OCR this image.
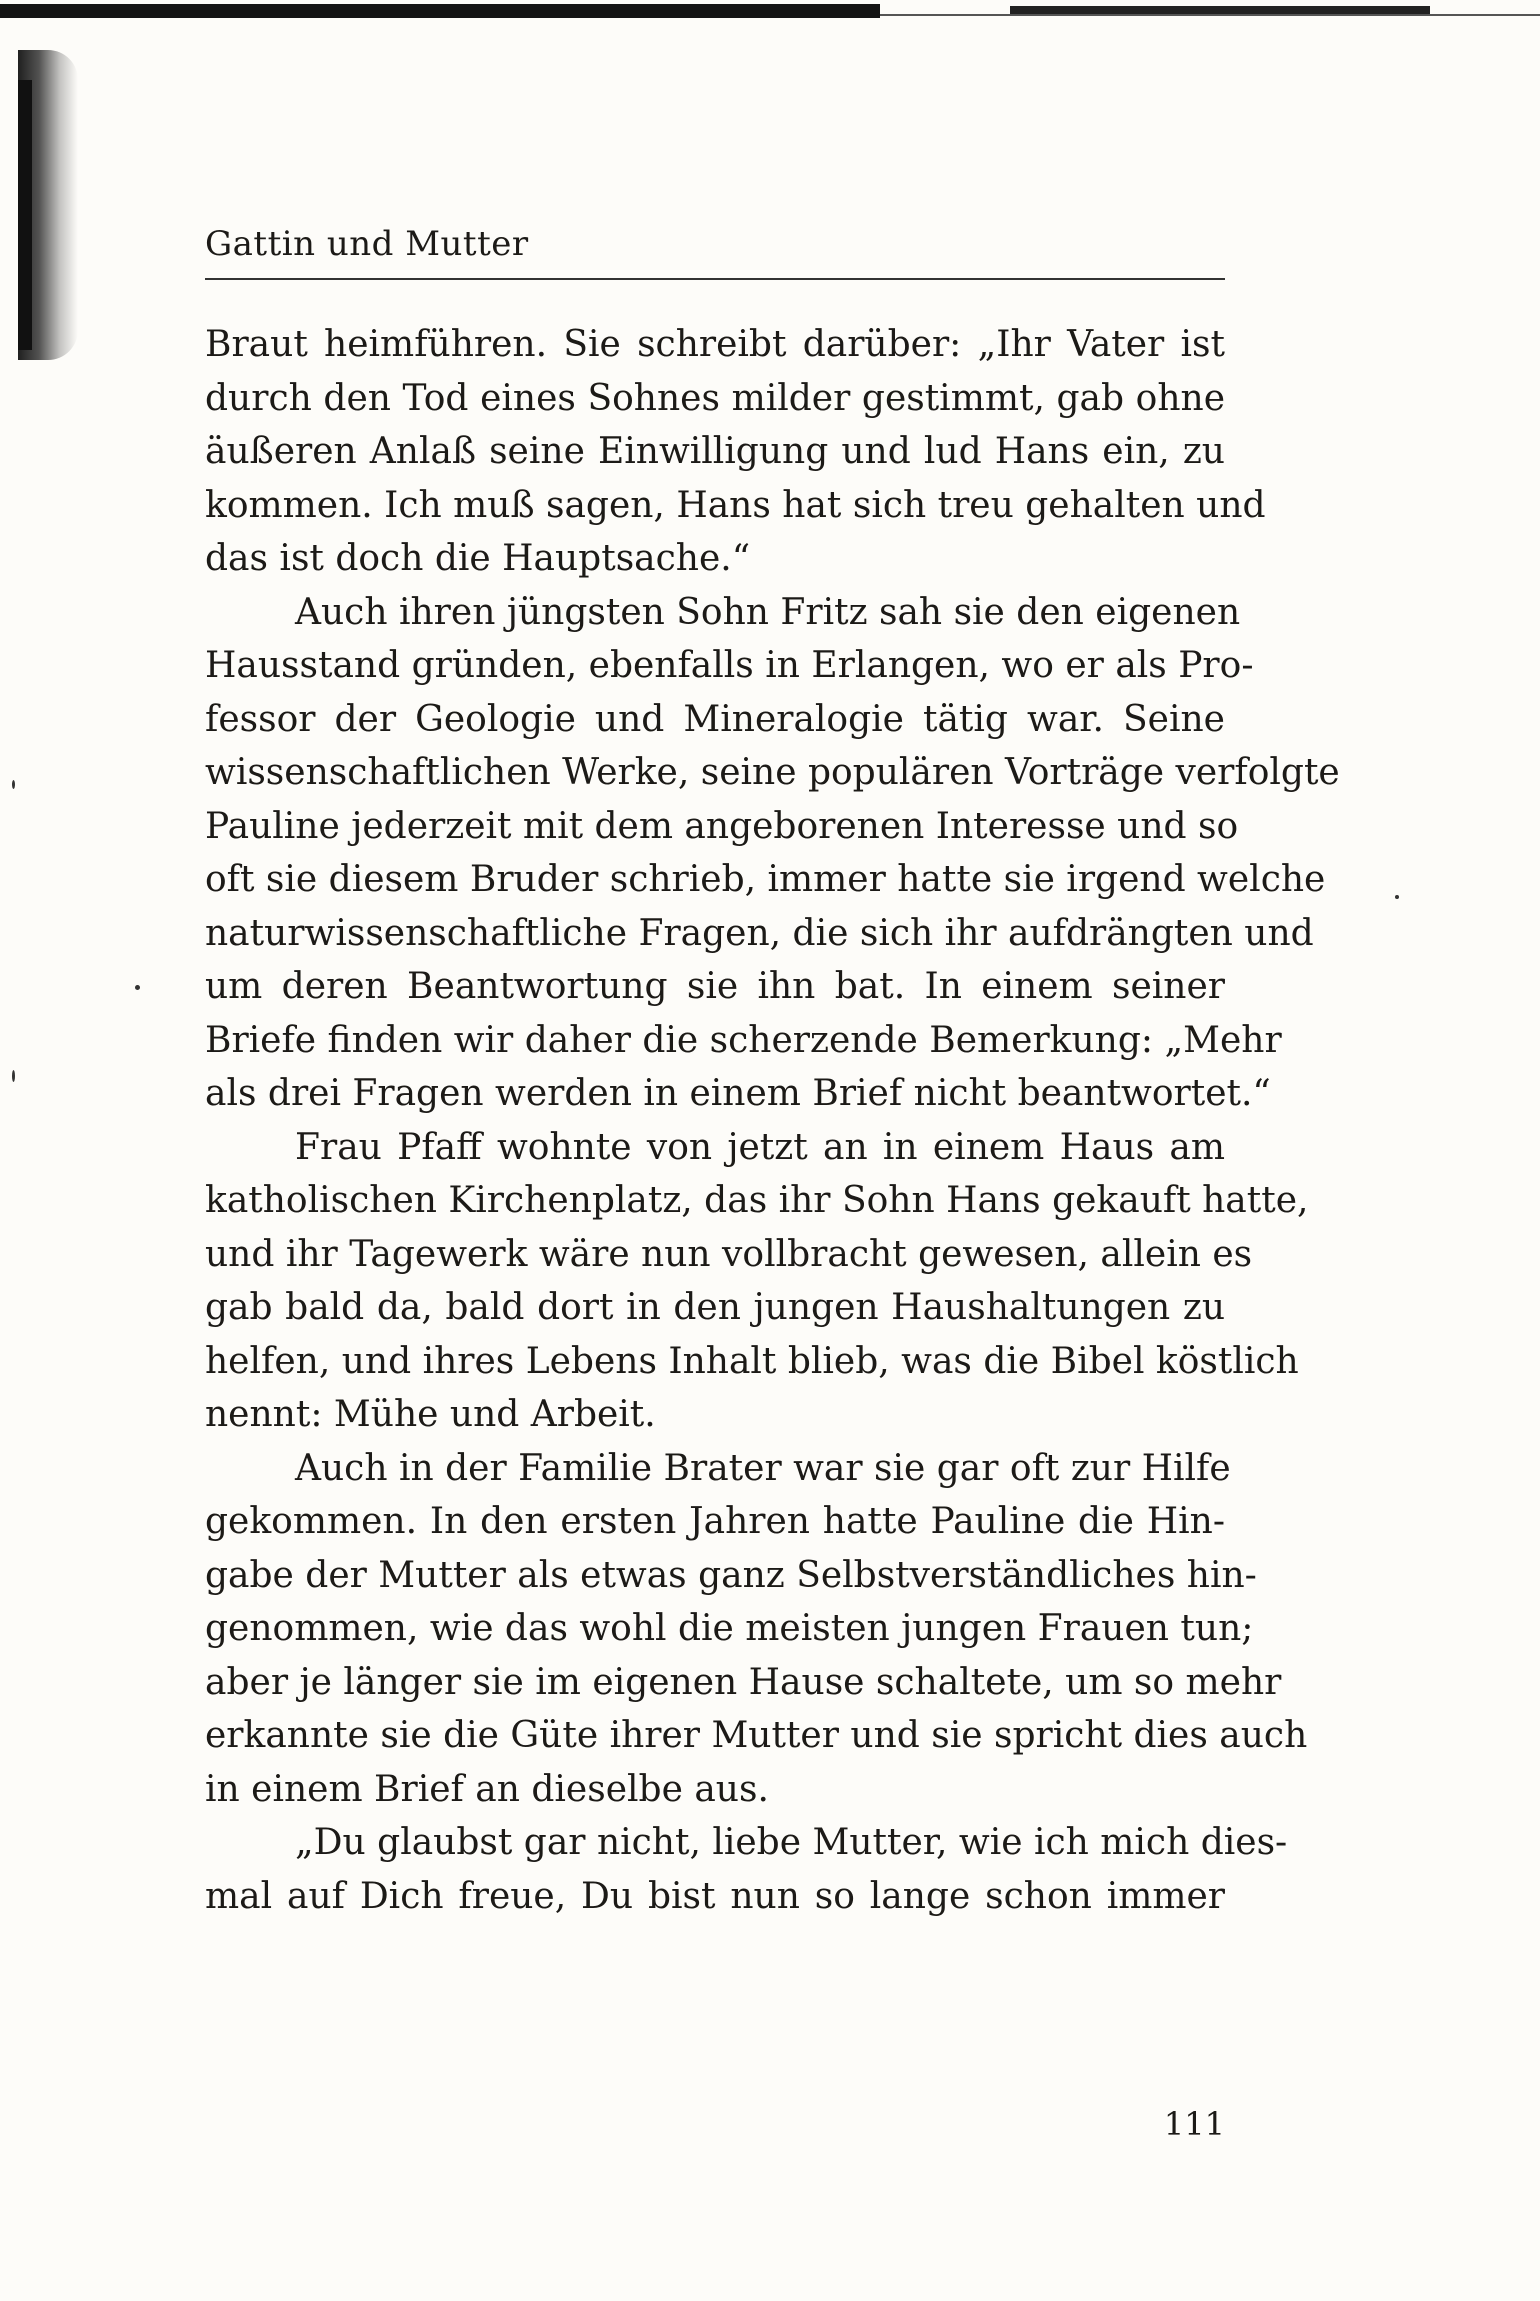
Gattin und Mutter
Braut heimführen. Sie schreibt darüber: „Ihr Vater ist
durch den Tod eines Sohnes milder gestimmt, gab ohne
äußeren Anlaß seine Einwilligung und lud Hans ein, zu
kommen. Ich muß sagen, Hans hat sich treu gehalten und
das ist doch die Hauptsache.“
Auch ihren jüngsten Sohn Fritz sah sie den eigenen
Hausstand gründen, ebenfalls in Erlangen, wo er als Pro-
fessor der Geologie und Mineralogie tätig war. Seine
wissenschaftlichen Werke, seine populären Vorträge verfolgte
Pauline jederzeit mit dem angeborenen Interesse und so
oft sie diesem Bruder schrieb, immer hatte sie irgend welche
naturwissenschaftliche Fragen, die sich ihr aufdrängten und
um deren Beantwortung sie ihn bat. In einem seiner
Briefe finden wir daher die scherzende Bemerkung: „Mehr
als drei Fragen werden in einem Brief nicht beantwortet.“
Frau Pfaff wohnte von jetzt an in einem Haus am
katholischen Kirchenplatz, das ihr Sohn Hans gekauft hatte,
und ihr Tagewerk wäre nun vollbracht gewesen, allein es
gab bald da, bald dort in den jungen Haushaltungen zu
helfen, und ihres Lebens Inhalt blieb, was die Bibel köstlich
nennt: Mühe und Arbeit.
Auch in der Familie Brater war sie gar oft zur Hilfe
gekommen. In den ersten Jahren hatte Pauline die Hin-
gabe der Mutter als etwas ganz Selbstverständliches hin-
genommen, wie das wohl die meisten jungen Frauen tun;
aber je länger sie im eigenen Hause schaltete, um so mehr
erkannte sie die Güte ihrer Mutter und sie spricht dies auch
in einem Brief an dieselbe aus.
„Du glaubst gar nicht, liebe Mutter, wie ich mich dies-
mal auf Dich freue, Du bist nun so lange schon immer
111
